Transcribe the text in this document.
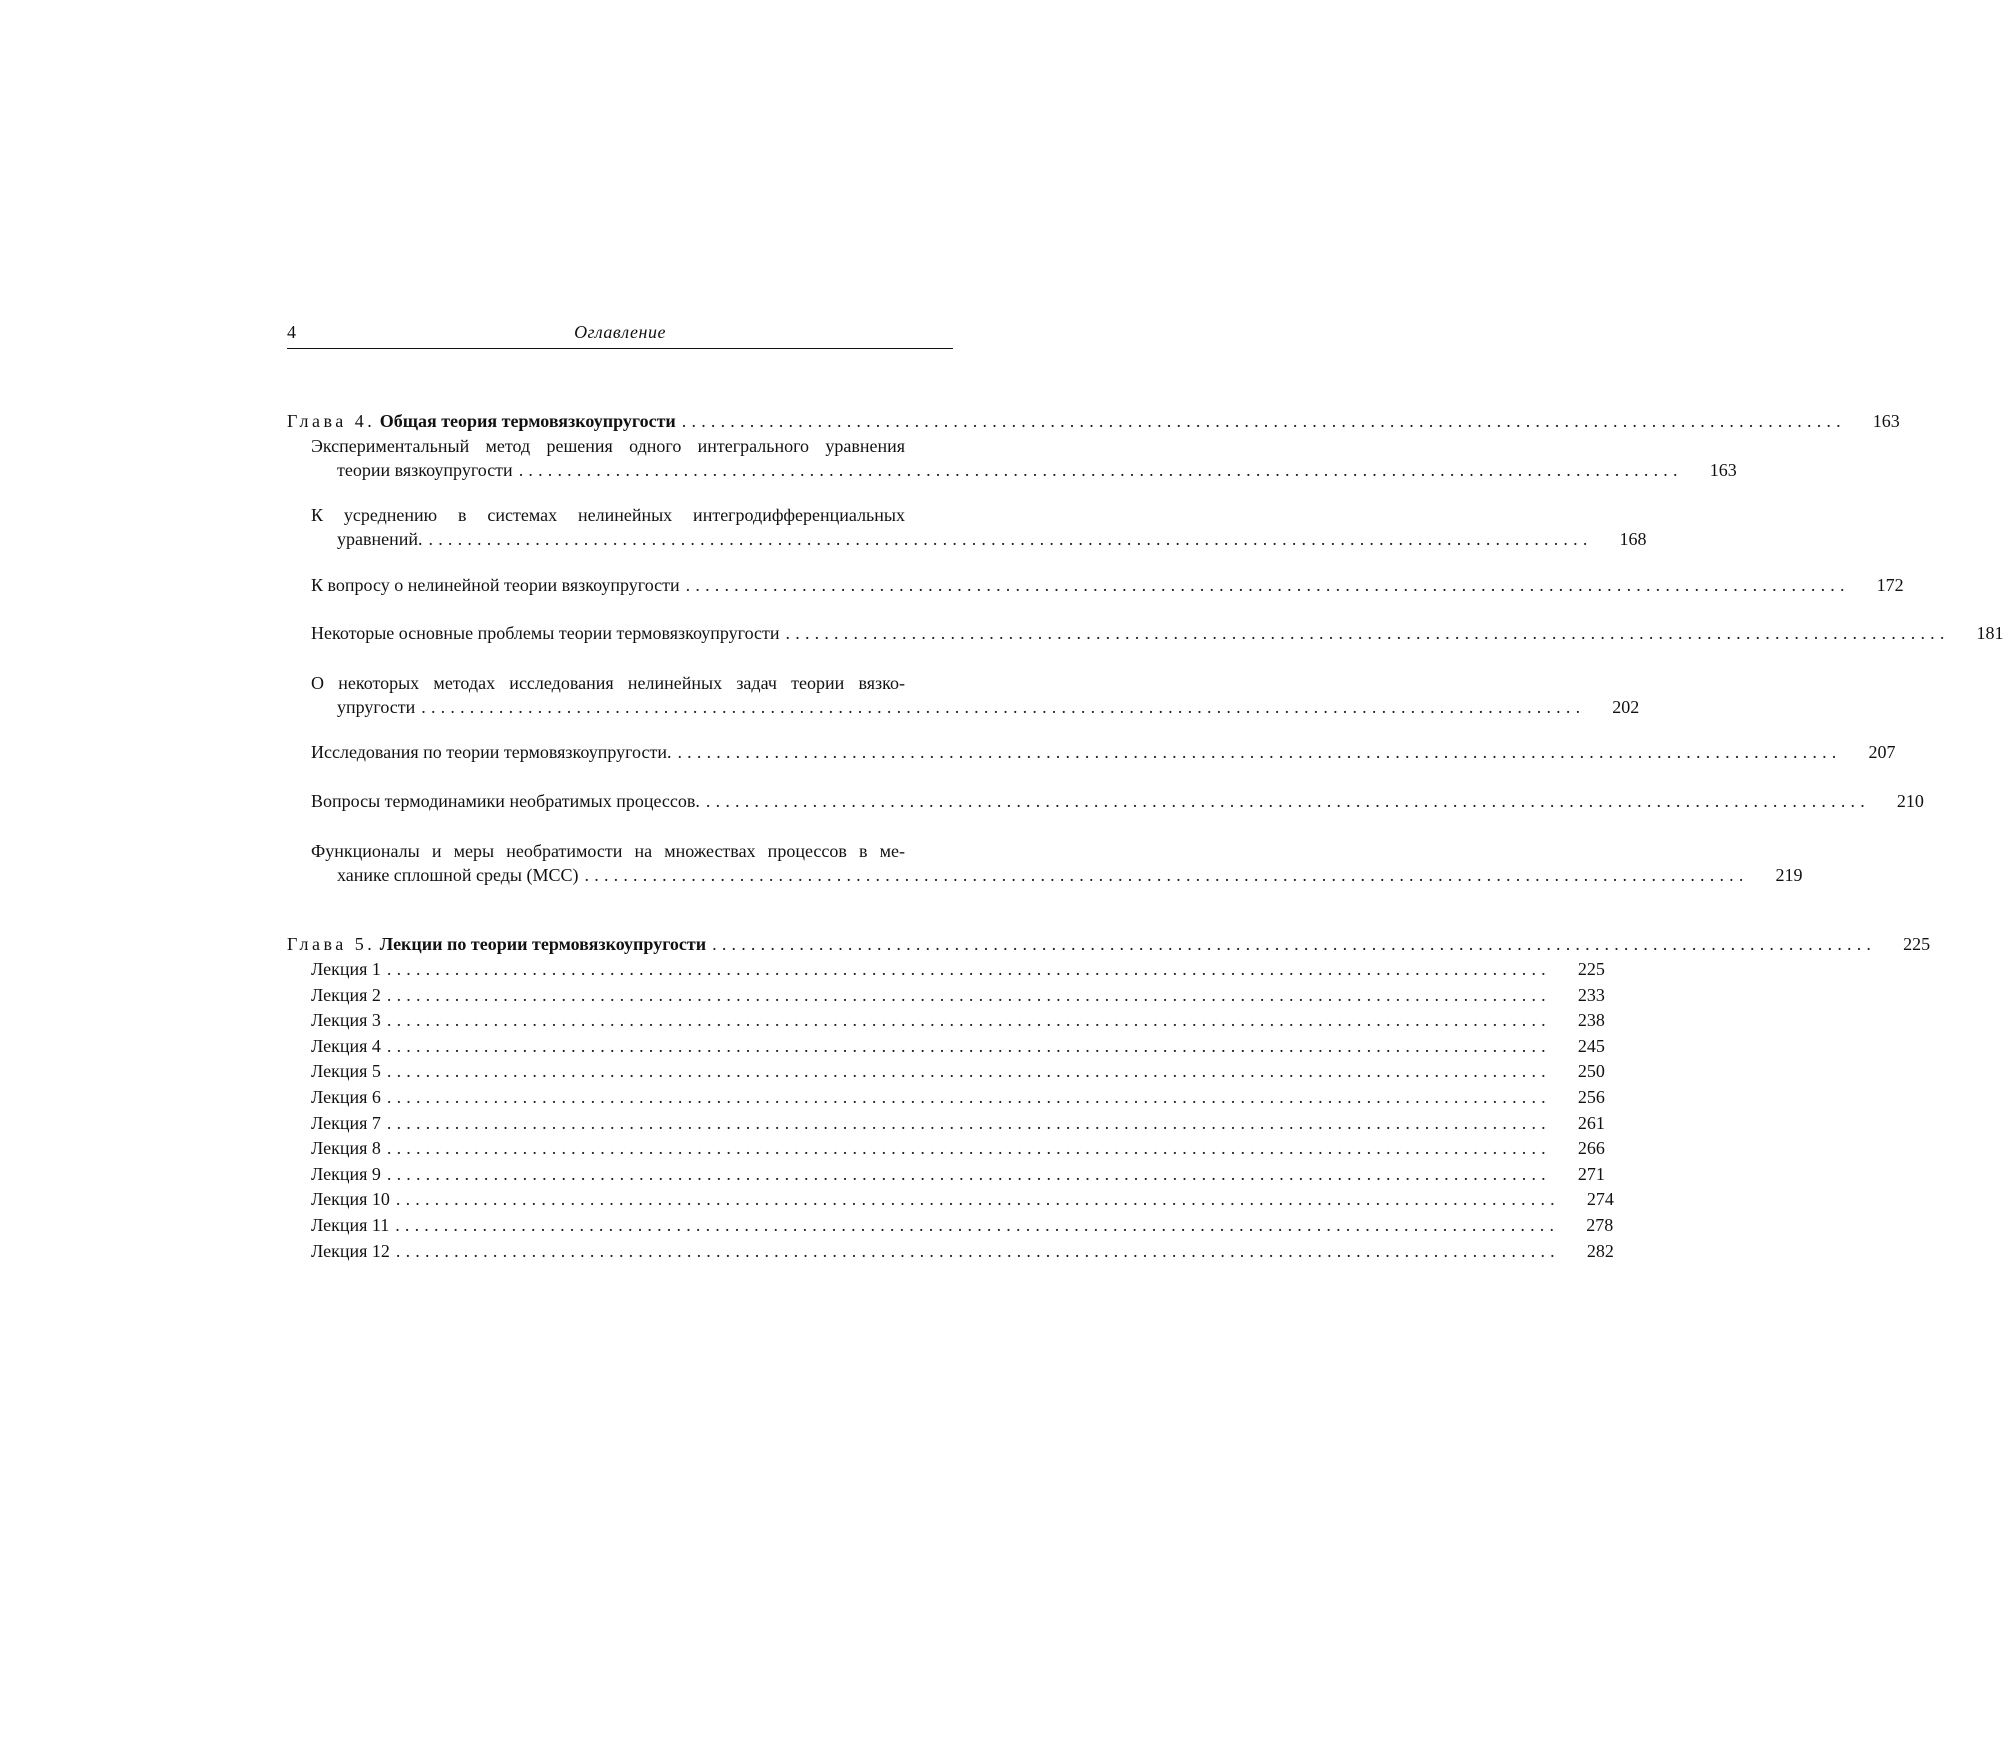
4	Оглавление
Глава 4. Общая теория термовязкоупругости ........................................................................................................................	163
Экспериментальный метод решения одного интегрального уравнения
теории вязкоупругости ........................................................................................................................	163
К усреднению в системах нелинейных интегродифференциальных
уравнений. ........................................................................................................................	168
К вопросу о нелинейной теории вязкоупругости ........................................................................................................................	172
Некоторые основные проблемы теории термовязкоупругости ........................................................................................................................	181
О некоторых методах исследования нелинейных задач теории вязко-
упругости ........................................................................................................................	202
Исследования по теории термовязкоупругости. ........................................................................................................................	207
Вопросы термодинамики необратимых процессов. ........................................................................................................................	210
Функционалы и меры необратимости на множествах процессов в ме-
ханике сплошной среды (МСС) ........................................................................................................................	219
Глава 5. Лекции по теории термовязкоупругости ........................................................................................................................	225
Лекция 1 ........................................................................................................................	225
Лекция 2 ........................................................................................................................	233
Лекция 3 ........................................................................................................................	238
Лекция 4 ........................................................................................................................	245
Лекция 5 ........................................................................................................................	250
Лекция 6 ........................................................................................................................	256
Лекция 7 ........................................................................................................................	261
Лекция 8 ........................................................................................................................	266
Лекция 9 ........................................................................................................................	271
Лекция 10 ........................................................................................................................	274
Лекция 11 ........................................................................................................................	278
Лекция 12 ........................................................................................................................	282
